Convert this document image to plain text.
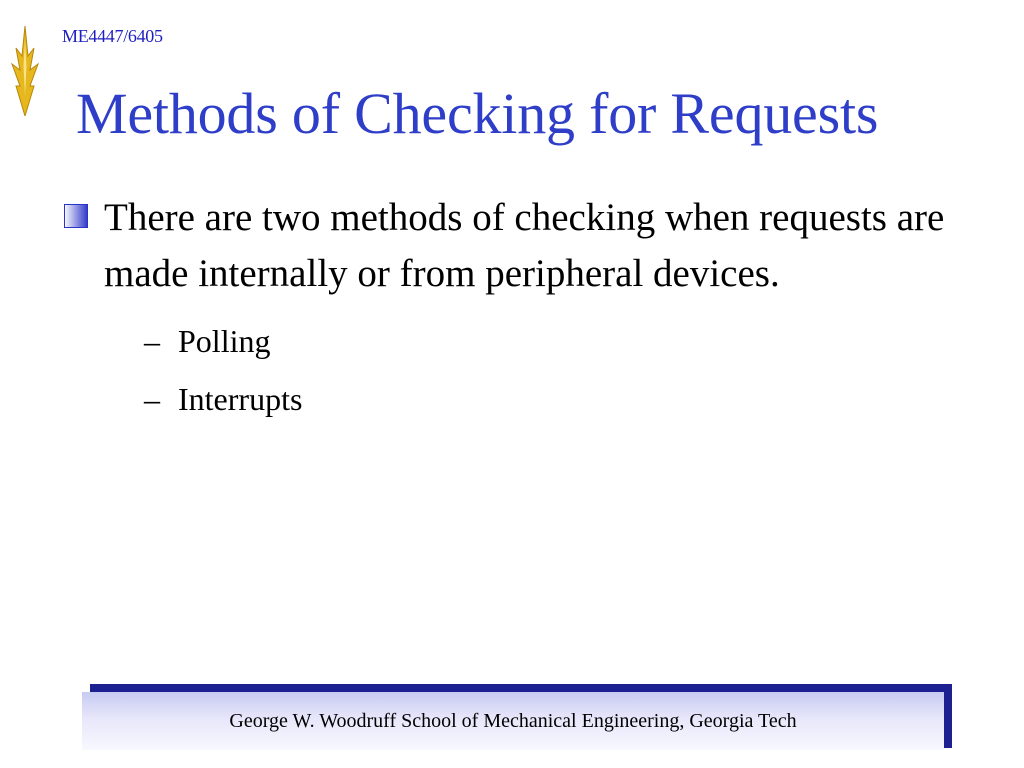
ME4447/6405
Methods of Checking for Requests
There are two methods of checking when requests are made internally or from peripheral devices.
– Polling
– Interrupts
George W. Woodruff School of Mechanical Engineering, Georgia Tech
